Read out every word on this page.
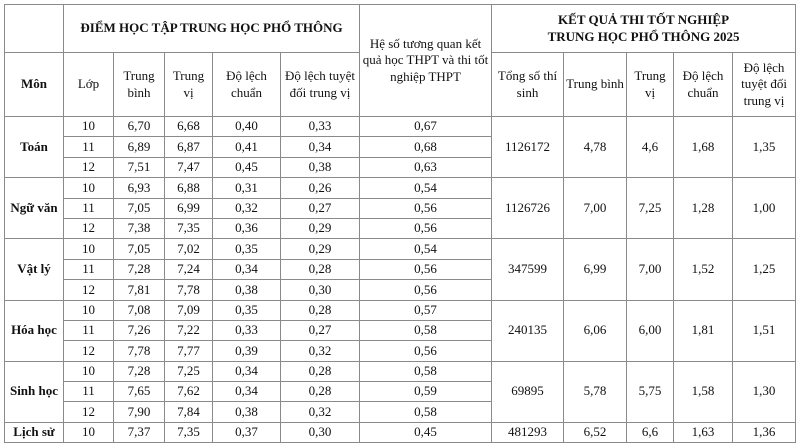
	ĐIỂM HỌC TẬP TRUNG HỌC PHỔ THÔNG					Hệ số tương quan kết quả học THPT và thi tốt nghiệp THPT	KẾT QUẢ THI TỐT NGHIỆP
TRUNG HỌC PHỔ THÔNG 2025				
Môn	Lớp	Trung bình	Trung vị	Độ lệch chuẩn	Độ lệch tuyệt đối trung vị		Tổng số thí sinh	Trung bình	Trung vị	Độ lệch chuẩn	Độ lệch tuyệt đối trung vị
Toán	10	6,70	6,68	0,40	0,33	0,67	1126172	4,78	4,6	1,68	1,35
	11	6,89	6,87	0,41	0,34	0,68					
	12	7,51	7,47	0,45	0,38	0,63					
Ngữ văn	10	6,93	6,88	0,31	0,26	0,54	1126726	7,00	7,25	1,28	1,00
	11	7,05	6,99	0,32	0,27	0,56					
	12	7,38	7,35	0,36	0,29	0,56					
Vật lý	10	7,05	7,02	0,35	0,29	0,54	347599	6,99	7,00	1,52	1,25
	11	7,28	7,24	0,34	0,28	0,56					
	12	7,81	7,78	0,38	0,30	0,56					
Hóa học	10	7,08	7,09	0,35	0,28	0,57	240135	6,06	6,00	1,81	1,51
	11	7,26	7,22	0,33	0,27	0,58					
	12	7,78	7,77	0,39	0,32	0,56					
Sinh học	10	7,28	7,25	0,34	0,28	0,58	69895	5,78	5,75	1,58	1,30
	11	7,65	7,62	0,34	0,28	0,59					
	12	7,90	7,84	0,38	0,32	0,58					
Lịch sử	10	7,37	7,35	0,37	0,30	0,45	481293	6,52	6,6	1,63	1,36
